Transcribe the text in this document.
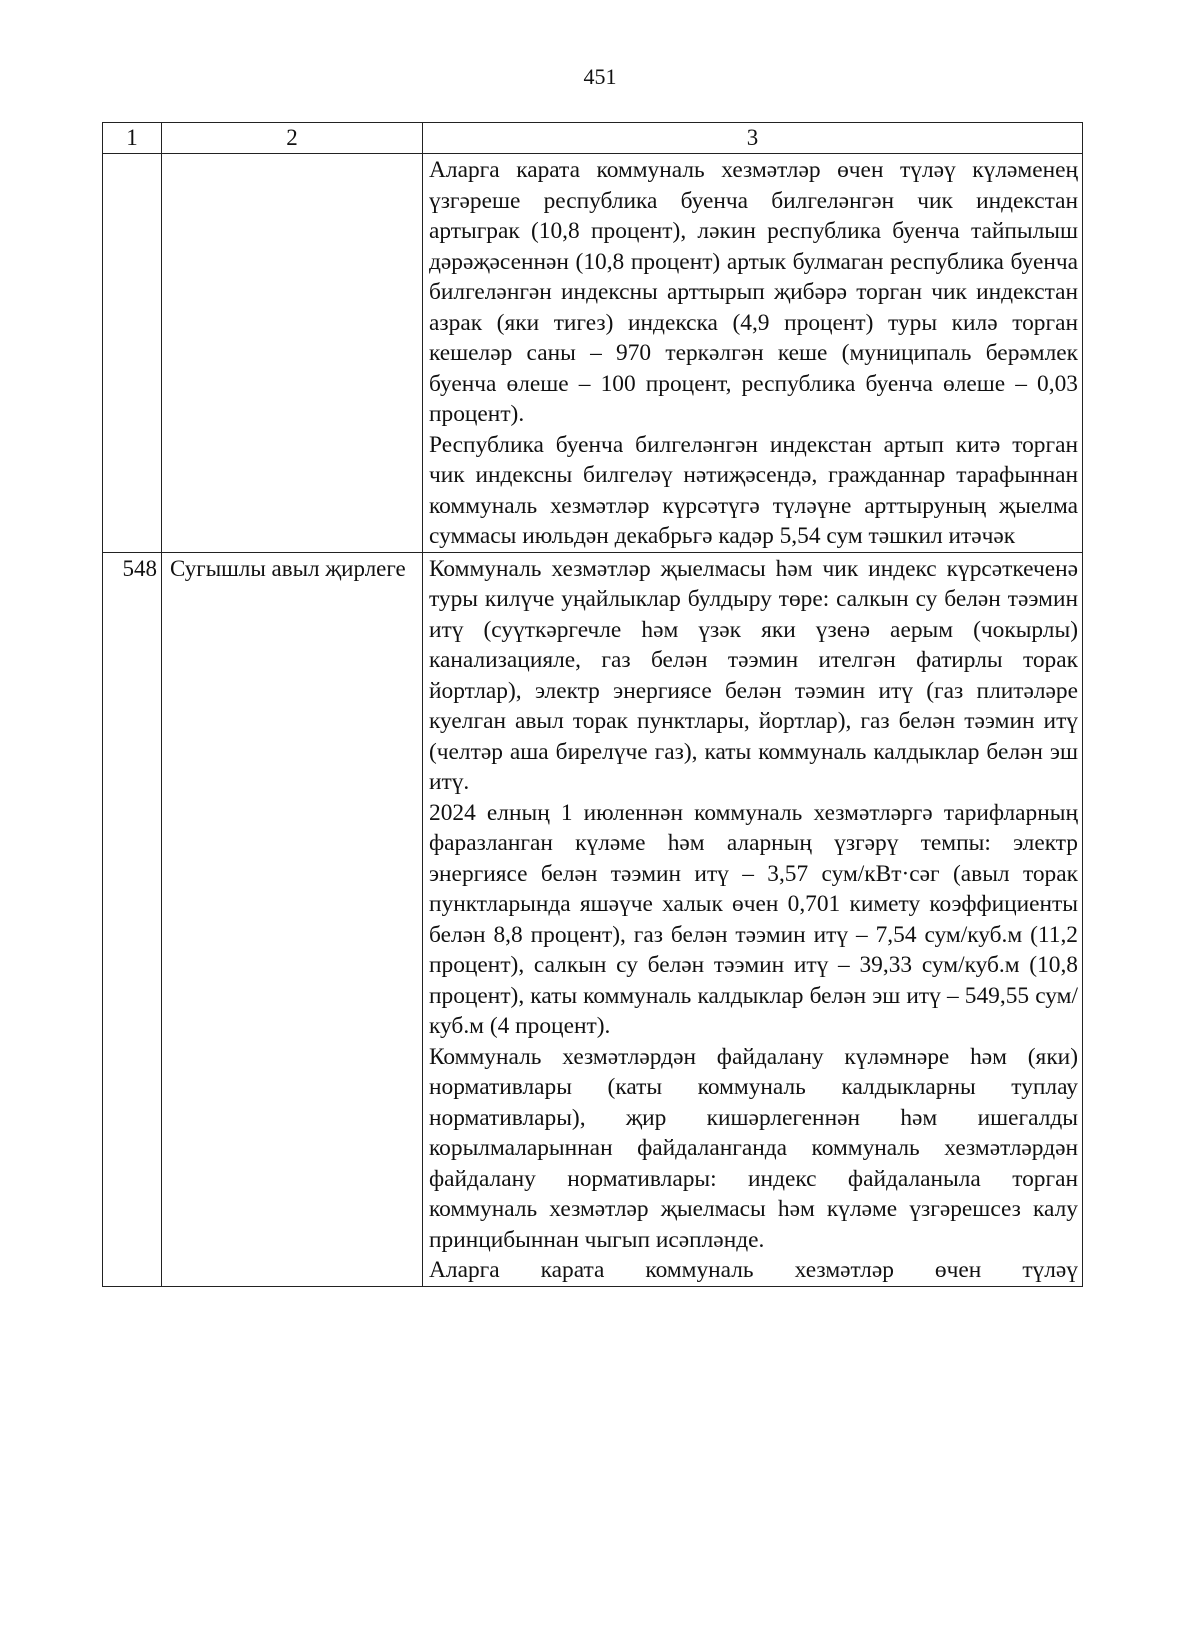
451
1	2	3

		Аларга карата коммуналь хезмәтләр өчен түләү күләменең үзгәреше республика буенча билгеләнгән чик индекстан артыграк (10,8 процент), ләкин республика буенча тайпылыш дәрәҗәсеннән (10,8 процент) артык булмаган республика буенча билгеләнгән индексны арттырып җибәрә торган чик индекстан азрак (яки тигез) индекска (4,9 процент) туры килә торган кешеләр саны – 970 теркәлгән кеше (муниципаль берәмлек буенча өлеше – 100 процент, республика буенча өлеше – 0,03 процент).

Республика буенча билгеләнгән индекстан артып китә торган чик индексны билгеләү нәтиҗәсендә, гражданнар тарафыннан коммуналь хезмәтләр күрсәтүгә түләүне арттыруның җыелма суммасы июльдән декабрьгә кадәр 5,54 сум тәшкил итәчәк

548	Сугышлы авыл җирлеге	Коммуналь хезмәтләр җыелмасы һәм чик индекс күрсәткеченә туры килүче уңайлыклар булдыру төре: салкын су белән тәэмин итү (суүткәргечле һәм үзәк яки үзенә аерым (чокырлы) канализацияле, газ белән тәэмин ителгән фатирлы торак йортлар), электр энергиясе белән тәэмин итү (газ плитәләре куелган авыл торак пунктлары, йортлар), газ белән тәэмин итү (челтәр аша бирелүче газ), каты коммуналь калдыклар белән эш итү.

2024 елның 1 июленнән коммуналь хезмәтләргә тарифларның фаразланган күләме һәм аларның үзгәрү темпы: электр энергиясе белән тәэмин итү – 3,57 сум/кВт·сәг (авыл торак пунктларында яшәүче халык өчен 0,701 кимету коэффициенты белән 8,8 процент), газ белән тәэмин итү – 7,54 сум/куб.м (11,2 процент), салкын су белән тәэмин итү – 39,33 сум/куб.м (10,8 процент), каты коммуналь калдыклар белән эш итү – 549,55 сум/куб.м (4 процент).

Коммуналь хезмәтләрдән файдалану күләмнәре һәм (яки) нормативлары (каты коммуналь калдыкларны туплау нормативлары), җир кишәрлегеннән һәм ишегалды корылмаларыннан файдаланганда коммуналь хезмәтләрдән файдалану нормативлары: индекс файдаланыла торган коммуналь хезмәтләр җыелмасы һәм күләме үзгәрешсез калу принцибыннан чыгып исәпләнде.

Аларга карата коммуналь хезмәтләр өчен түләү
